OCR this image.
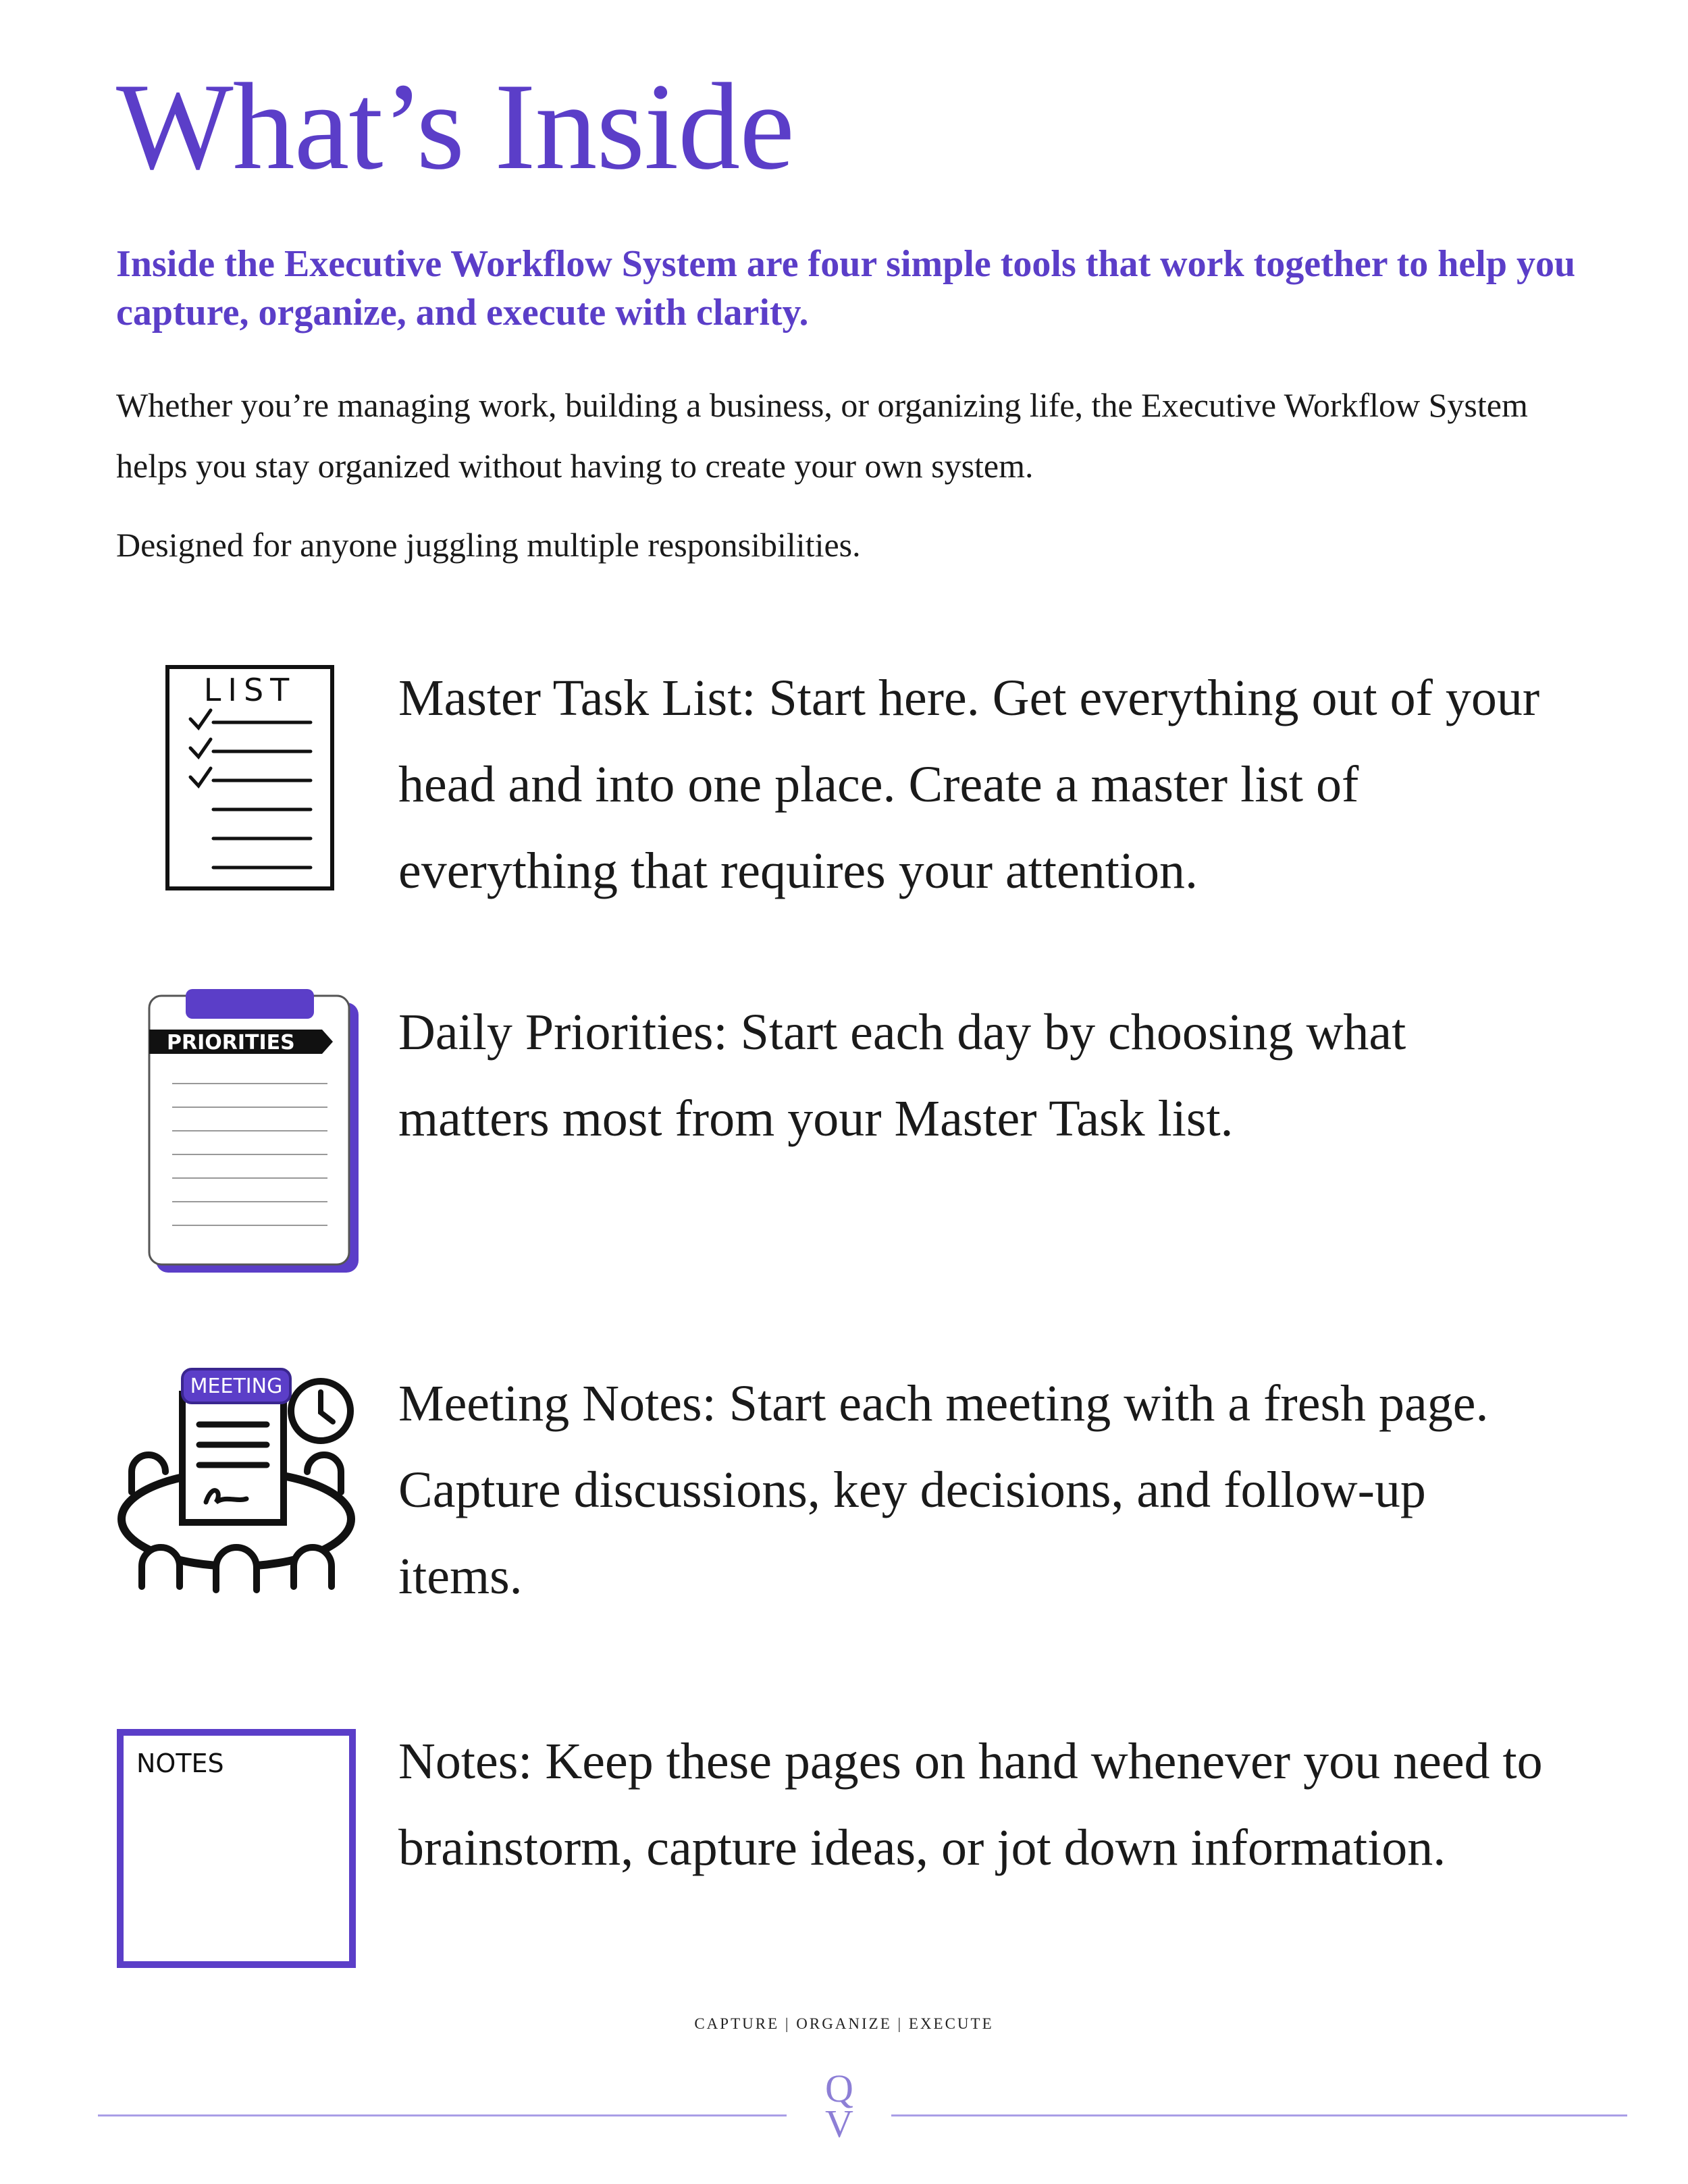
What’s Inside

Inside the Executive Workflow System are four simple tools that work together to help you capture, organize, and execute with clarity.

Whether you’re managing work, building a business, or organizing life, the Executive Workflow System helps you stay organized without having to create your own system.

Designed for anyone juggling multiple responsibilities.

LIST Master Task List: Start here. Get everything out of your head and into one place. Create a master list of everything that requires your attention.

PRIORITIES Daily Priorities: Start each day by choosing what matters most from your Master Task list.

MEETING Meeting Notes: Start each meeting with a fresh page. Capture discussions, key decisions, and follow-up items.

NOTES	Notes: Keep these pages on hand whenever you need to brainstorm, capture ideas, or jot down information.

CAPTURE | ORGANIZE | EXECUTE
Q
V
